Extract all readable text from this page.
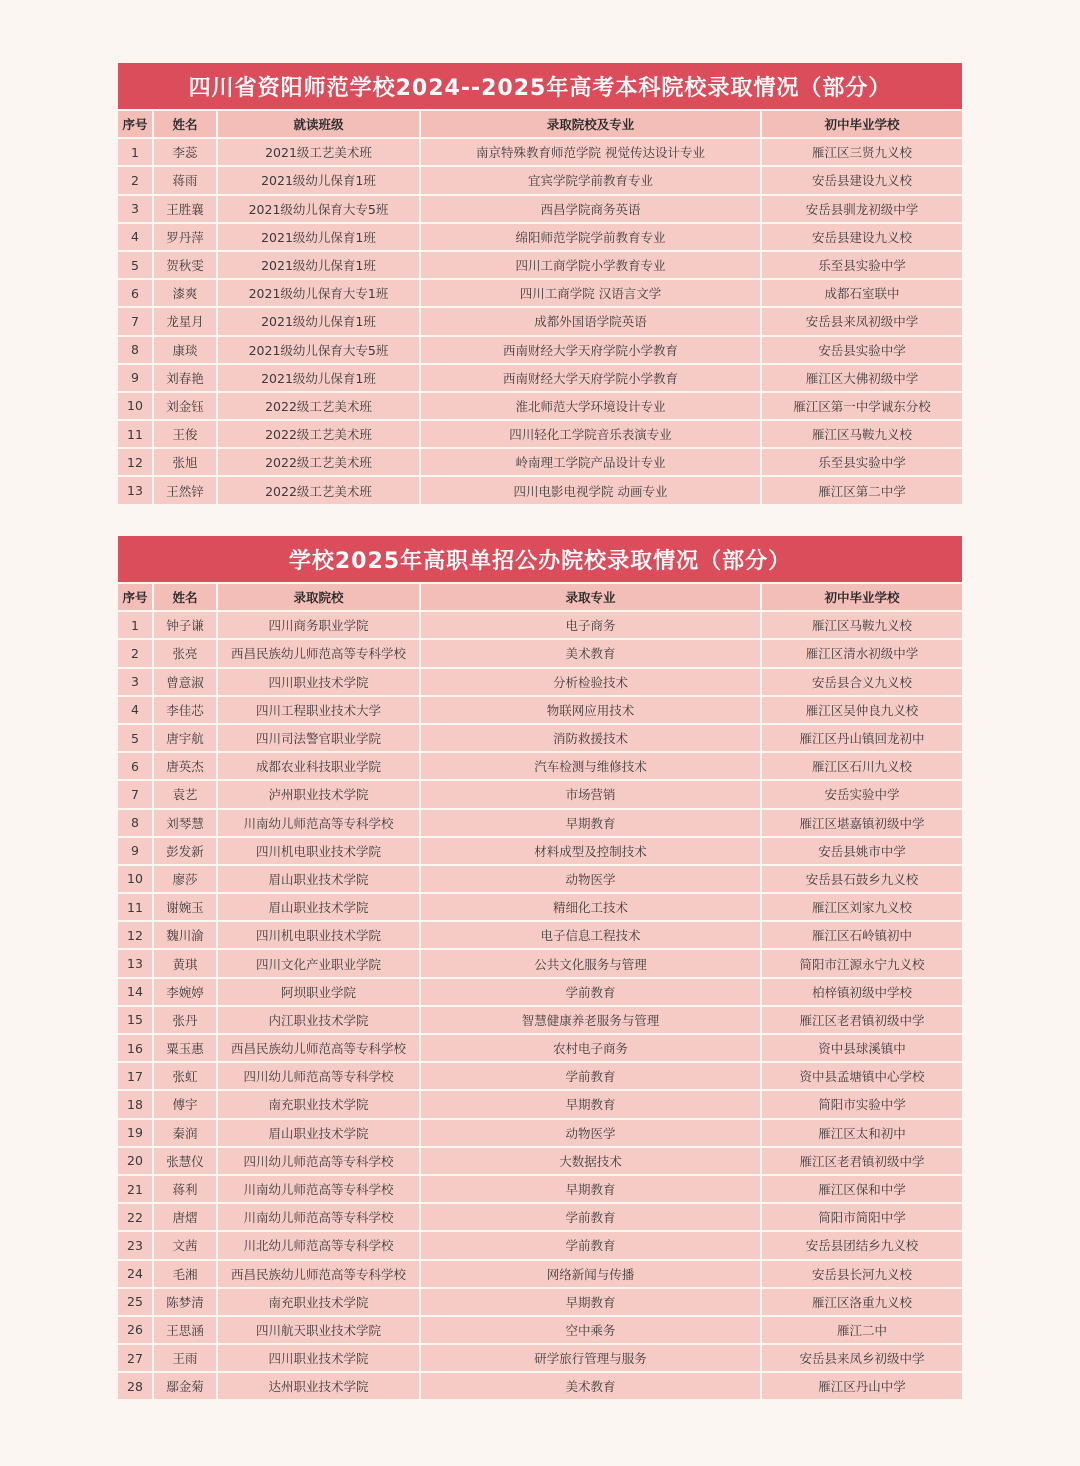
四川省资阳师范学校2024--2025年高考本科院校录取情况（部分）
序号	姓名	就读班级	录取院校及专业	初中毕业学校
1	李蕊	2021级工艺美术班	南京特殊教育师范学院 视觉传达设计专业	雁江区三贤九义校
2	蒋雨	2021级幼儿保育1班	宜宾学院学前教育专业	安岳县建设九义校
3	王胜襄	2021级幼儿保育大专5班	西昌学院商务英语	安岳县驯龙初级中学
4	罗丹萍	2021级幼儿保育1班	绵阳师范学院学前教育专业	安岳县建设九义校
5	贺秋雯	2021级幼儿保育1班	四川工商学院小学教育专业	乐至县实验中学
6	漆爽	2021级幼儿保育大专1班	四川工商学院 汉语言文学	成都石室联中
7	龙星月	2021级幼儿保育1班	成都外国语学院英语	安岳县来凤初级中学
8	康琰	2021级幼儿保育大专5班	西南财经大学天府学院小学教育	安岳县实验中学
9	刘春艳	2021级幼儿保育1班	西南财经大学天府学院小学教育	雁江区大佛初级中学
10	刘金钰	2022级工艺美术班	淮北师范大学环境设计专业	雁江区第一中学诚东分校
11	王俊	2022级工艺美术班	四川轻化工学院音乐表演专业	雁江区马鞍九义校
12	张旭	2022级工艺美术班	岭南理工学院产品设计专业	乐至县实验中学
13	王然锌	2022级工艺美术班	四川电影电视学院 动画专业	雁江区第二中学
学校2025年高职单招公办院校录取情况（部分）
序号	姓名	录取院校	录取专业	初中毕业学校
1	钟子谦	四川商务职业学院	电子商务	雁江区马鞍九义校
2	张亮	西昌民族幼儿师范高等专科学校	美术教育	雁江区清水初级中学
3	曾意淑	四川职业技术学院	分析检验技术	安岳县合义九义校
4	李佳芯	四川工程职业技术大学	物联网应用技术	雁江区吴仲良九义校
5	唐宇航	四川司法警官职业学院	消防救援技术	雁江区丹山镇回龙初中
6	唐英杰	成都农业科技职业学院	汽车检测与维修技术	雁江区石川九义校
7	袁艺	泸州职业技术学院	市场营销	安岳实验中学
8	刘琴慧	川南幼儿师范高等专科学校	早期教育	雁江区堪嘉镇初级中学
9	彭发新	四川机电职业技术学院	材料成型及控制技术	安岳县姚市中学
10	廖莎	眉山职业技术学院	动物医学	安岳县石鼓乡九义校
11	谢婉玉	眉山职业技术学院	精细化工技术	雁江区刘家九义校
12	魏川渝	四川机电职业技术学院	电子信息工程技术	雁江区石岭镇初中
13	黄琪	四川文化产业职业学院	公共文化服务与管理	简阳市江源永宁九义校
14	李婉婷	阿坝职业学院	学前教育	柏梓镇初级中学校
15	张丹	内江职业技术学院	智慧健康养老服务与管理	雁江区老君镇初级中学
16	粟玉惠	西昌民族幼儿师范高等专科学校	农村电子商务	资中县球溪镇中
17	张虹	四川幼儿师范高等专科学校	学前教育	资中县孟塘镇中心学校
18	傅宇	南充职业技术学院	早期教育	简阳市实验中学
19	秦润	眉山职业技术学院	动物医学	雁江区太和初中
20	张慧仪	四川幼儿师范高等专科学校	大数据技术	雁江区老君镇初级中学
21	蒋利	川南幼儿师范高等专科学校	早期教育	雁江区保和中学
22	唐熠	川南幼儿师范高等专科学校	学前教育	简阳市简阳中学
23	文茜	川北幼儿师范高等专科学校	学前教育	安岳县团结乡九义校
24	毛湘	西昌民族幼儿师范高等专科学校	网络新闻与传播	安岳县长河九义校
25	陈梦清	南充职业技术学院	早期教育	雁江区洛重九义校
26	王思涵	四川航天职业技术学院	空中乘务	雁江二中
27	王雨	四川职业技术学院	研学旅行管理与服务	安岳县来凤乡初级中学
28	鄢金菊	达州职业技术学院	美术教育	雁江区丹山中学
